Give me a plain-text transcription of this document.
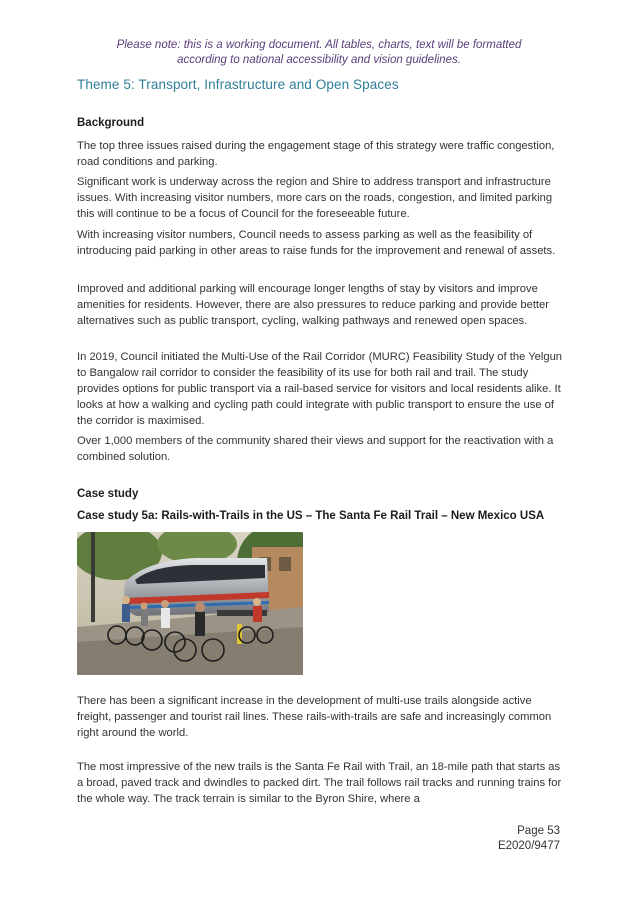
Please note: this is a working document. All tables, charts, text will be formatted
according to national accessibility and vision guidelines.
Theme 5: Transport, Infrastructure and Open Spaces
Background
The top three issues raised during the engagement stage of this strategy were traffic congestion, road conditions and parking.
Significant work is underway across the region and Shire to address transport and infrastructure issues. With increasing visitor numbers, more cars on the roads, congestion, and limited parking this will continue to be a focus of Council for the foreseeable future.
With increasing visitor numbers, Council needs to assess parking as well as the feasibility of introducing paid parking in other areas to raise funds for the improvement and renewal of assets.
Improved and additional parking will encourage longer lengths of stay by visitors and improve amenities for residents. However, there are also pressures to reduce parking and provide better alternatives such as public transport, cycling, walking pathways and renewed open spaces.
In 2019, Council initiated the Multi-Use of the Rail Corridor (MURC) Feasibility Study of the Yelgun to Bangalow rail corridor to consider the feasibility of its use for both rail and trail. The study provides options for public transport via a rail-based service for visitors and local residents alike. It looks at how a walking and cycling path could integrate with public transport to ensure the use of the corridor is maximised.
Over 1,000 members of the community shared their views and support for the reactivation with a combined solution.
Case study
Case study 5a: Rails-with-Trails in the US – The Santa Fe Rail Trail – New Mexico USA
There has been a significant increase in the development of multi-use trails alongside active freight, passenger and tourist rail lines. These rails-with-trails are safe and increasingly common right around the world.
The most impressive of the new trails is the Santa Fe Rail with Trail, an 18-mile path that starts as a broad, paved track and dwindles to packed dirt. The trail follows rail tracks and running trains for the whole way. The track terrain is similar to the Byron Shire, where a
Page 53
E2020/9477
